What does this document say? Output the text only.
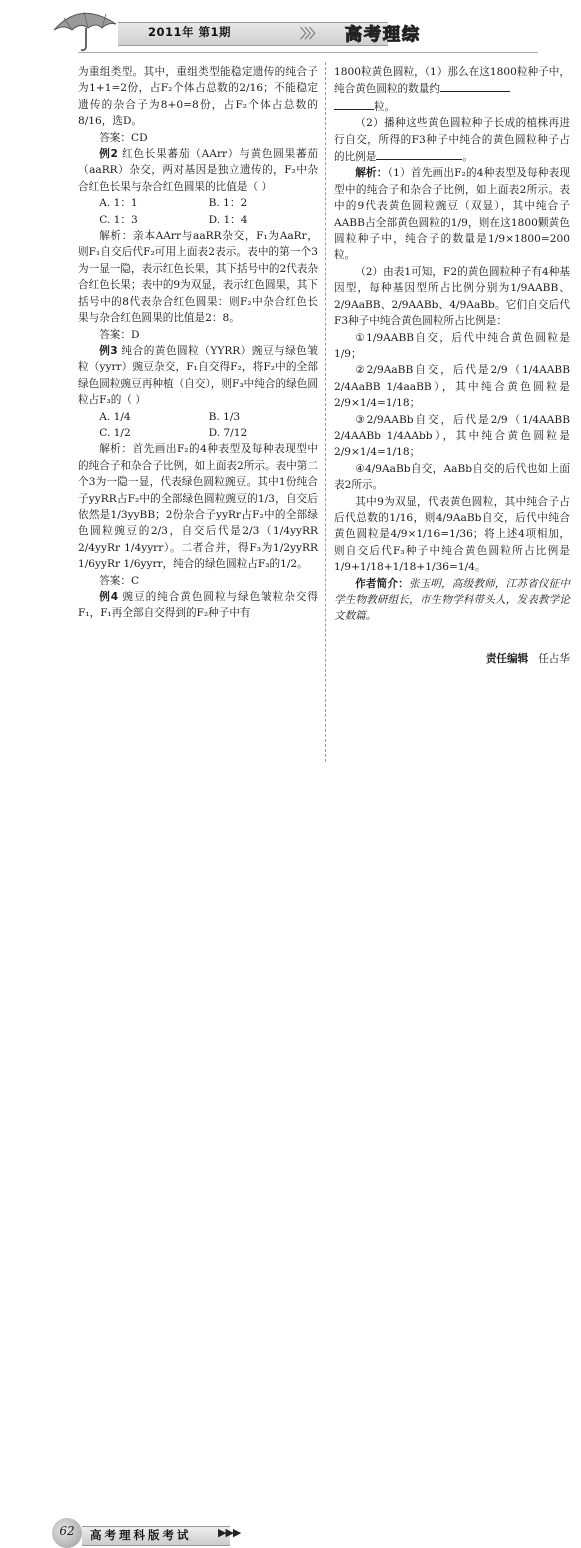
2011年 第1期	〉〉〉 高考理综

为重组类型。其中，重组类型能稳定遗传的纯合子为1+1=2份，占F₂个体占总数的2/16；不能稳定遗传的杂合子为8+0=8份，占F₂个体占总数的8/16，选D。

答案：CD

例2 红色长果蕃茄（AArr）与黄色圆果蕃茄（aaRR）杂交，两对基因是独立遗传的，F₂中杂合红色长果与杂合红色圆果的比值是（ ）

A. 1：1	B. 1：2
C. 1：3	D. 1：4

解析：亲本AArr与aaRR杂交，F₁为AaRr，则F₁自交后代F₂可用上面表2表示。表中的第一个3为一显一隐，表示红色长果，其下括号中的2代表杂合红色长果；表中的9为双显，表示红色圆果，其下括号中的8代表杂合红色圆果：则F₂中杂合红色长果与杂合红色圆果的比值是2：8。

答案：D

例3 纯合的黄色圆粒（YYRR）豌豆与绿色皱粒（yyrr）豌豆杂交，F₁自交得F₂，将F₂中的全部绿色圆粒豌豆再种植（自交），则F₃中纯合的绿色圆粒占F₃的（ ）

A. 1/4	B. 1/3
C. 1/2	D. 7/12

解析：首先画出F₂的4种表型及每种表现型中的纯合子和杂合子比例，如上面表2所示。表中第二个3为一隐一显，代表绿色圆粒豌豆。其中1份纯合子yyRR占F₂中的全部绿色圆粒豌豆的1/3，自交后依然是1/3yyBB；2份杂合子yyRr占F₂中的全部绿色圆粒豌豆的2/3，自交后代是2/3（1/4yyRR 2/4yyRr 1/4yyrr）。二者合并，得F₃为1/2yyRR 1/6yyRr 1/6yyrr，纯合的绿色圆粒占F₃的1/2。

答案：C

例4 豌豆的纯合黄色圆粒与绿色皱粒杂交得F₁，F₁再全部自交得到的F₂种子中有

1800粒黄色圆粒，（1）那么在这1800粒种子中，纯合黄色圆粒的数量约
粒。

（2）播种这些黄色圆粒种子长成的植株再进行自交，所得的F3种子中纯合的黄色圆粒种子占的比例是	。

解析：（1）首先画出F₂的4种表型及每种表现型中的纯合子和杂合子比例，如上面表2所示。表中的9代表黄色圆粒豌豆（双显），其中纯合子AABB占全部黄色圆粒的1/9，则在这1800颗黄色圆粒种子中，纯合子的数量是1/9×1800=200粒。

（2）由表1可知，F2的黄色圆粒种子有4种基因型，每种基因型所占比例分别为1/9AABB、2/9AaBB、2/9AABb、4/9AaBb。它们自交后代F3种子中纯合黄色圆粒所占比例是：

①1/9AABB自交，后代中纯合黄色圆粒是1/9；

②2/9AaBB自交，后代是2/9（1/4AABB 2/4AaBB 1/4aaBB），其中纯合黄色圆粒是2/9×1/4=1/18；

③2/9AABb自交，后代是2/9（1/4AABB 2/4AABb 1/4AAbb），其中纯合黄色圆粒是2/9×1/4=1/18；

④4/9AaBb自交，AaBb自交的后代也如上面表2所示。

其中9为双显，代表黄色圆粒，其中纯合子占后代总数的1/16，则4/9AaBb自交，后代中纯合黄色圆粒是4/9×1/16=1/36；将上述4项相加，则自交后代F₃种子中纯合黄色圆粒所占比例是1/9+1/18+1/18+1/36=1/4。

作者简介：张玉明，高级教师，江苏省仪征中学生物教研组长，市生物学科带头人，发表教学论文数篇。

责任编辑 任占华
62	高考理科版考试 ▶▶▶
